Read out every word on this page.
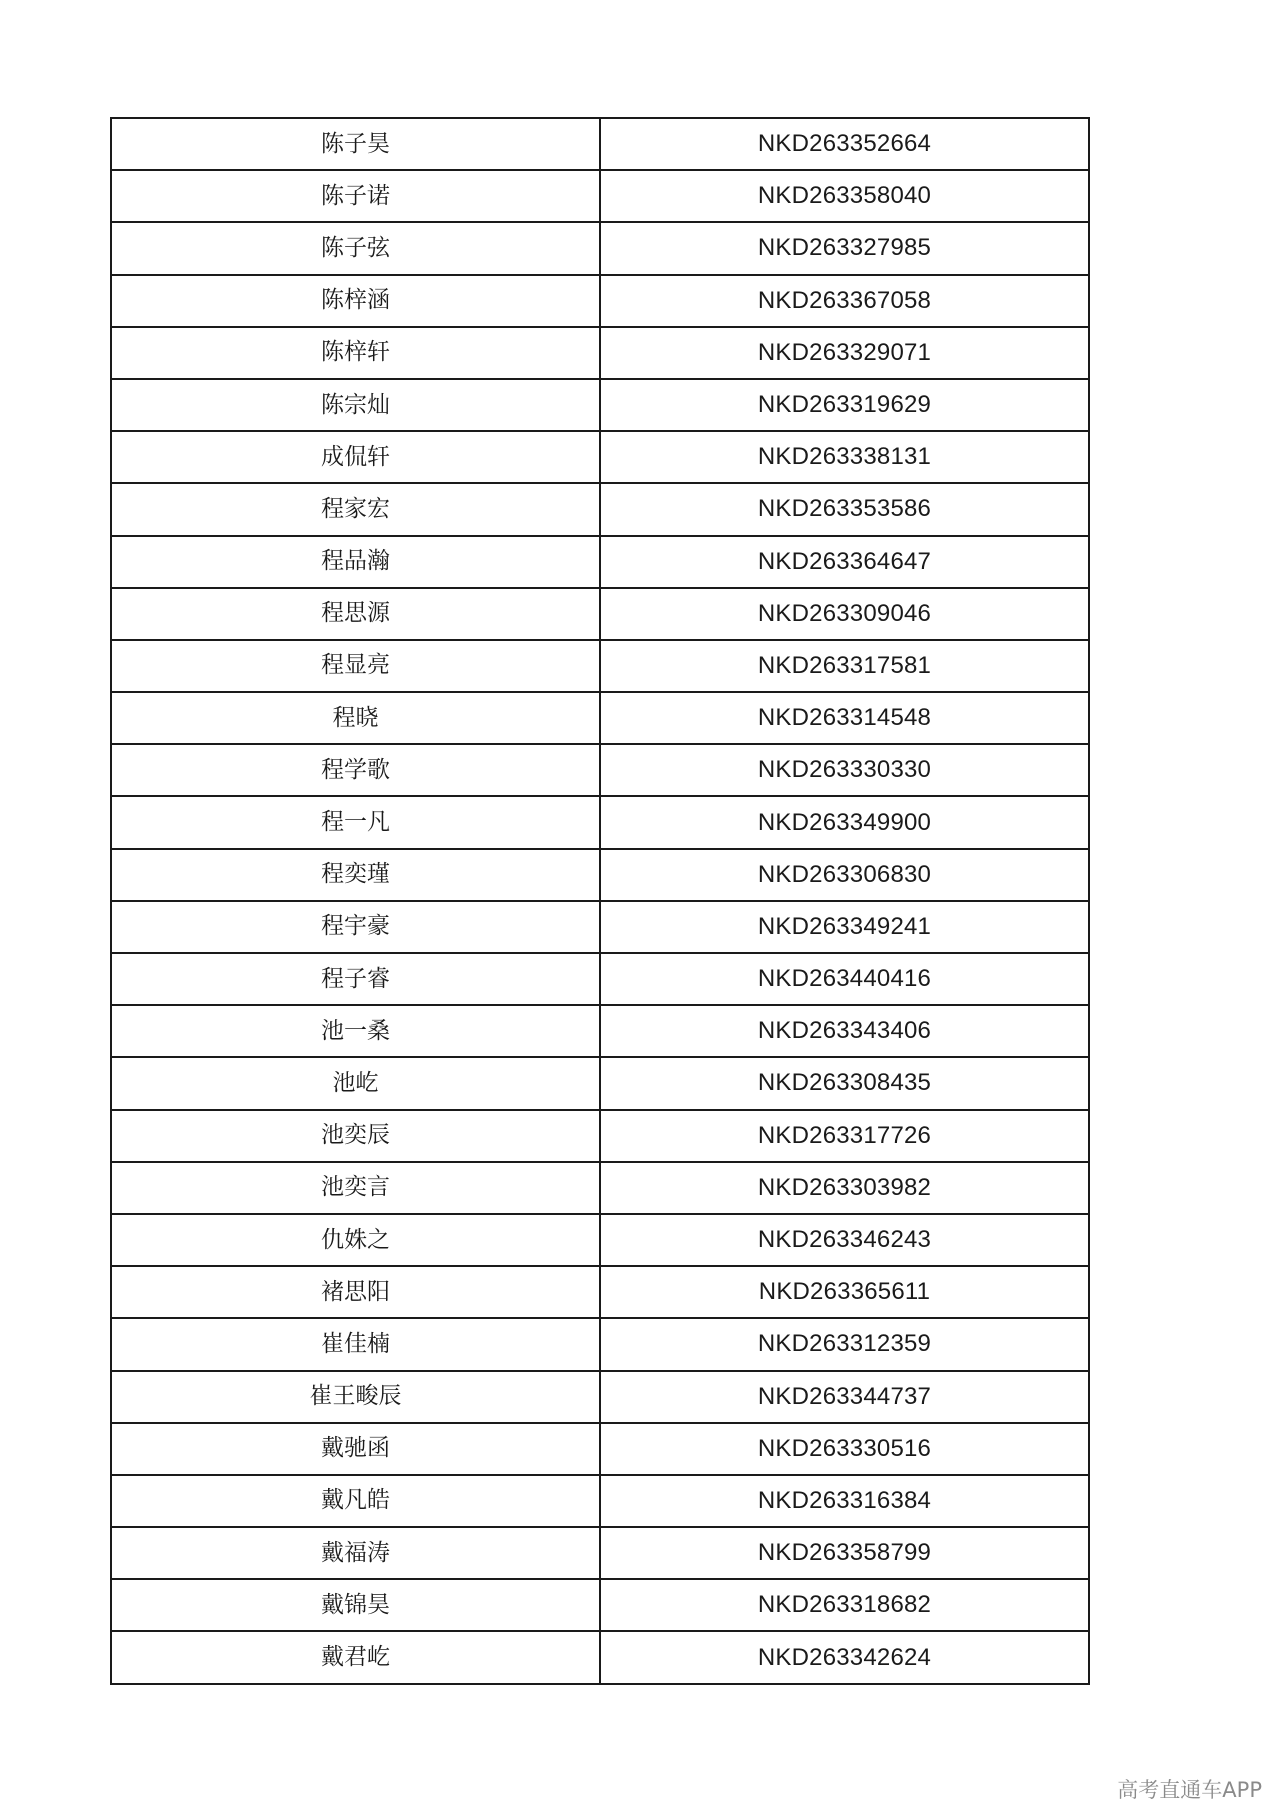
陈子昊	NKD263352664
陈子诺	NKD263358040
陈子弦	NKD263327985
陈梓涵	NKD263367058
陈梓轩	NKD263329071
陈宗灿	NKD263319629
成侃轩	NKD263338131
程家宏	NKD263353586
程品瀚	NKD263364647
程思源	NKD263309046
程显亮	NKD263317581
程晓	NKD263314548
程学歌	NKD263330330
程一凡	NKD263349900
程奕瑾	NKD263306830
程宇豪	NKD263349241
程子睿	NKD263440416
池一桑	NKD263343406
池屹	NKD263308435
池奕辰	NKD263317726
池奕言	NKD263303982
仇姝之	NKD263346243
褚思阳	NKD263365611
崔佳楠	NKD263312359
崔王畯辰	NKD263344737
戴驰函	NKD263330516
戴凡皓	NKD263316384
戴福涛	NKD263358799
戴锦昊	NKD263318682
戴君屹	NKD263342624
高考直通车APP
